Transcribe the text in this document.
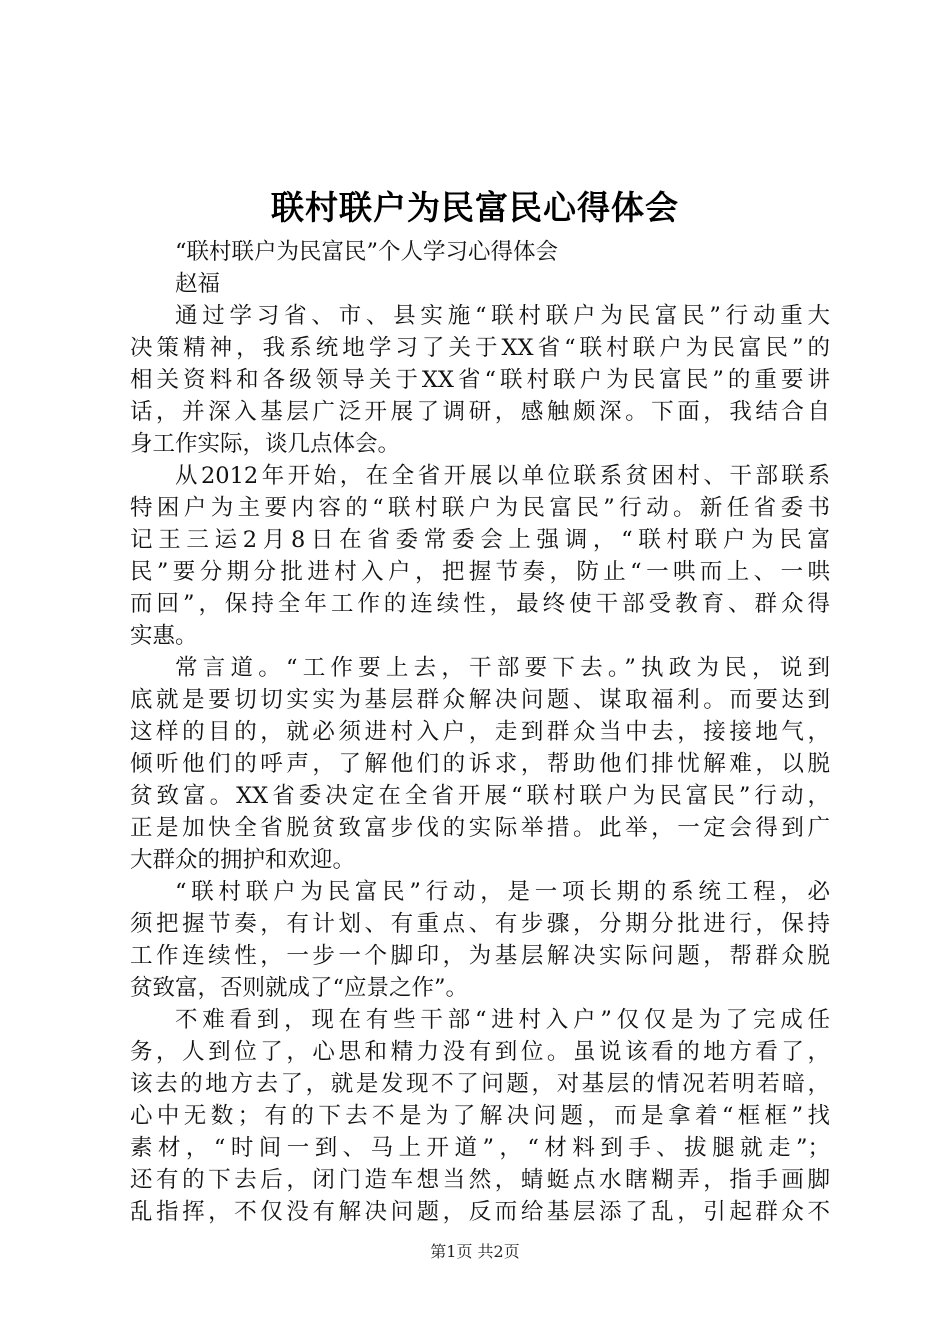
联村联户为民富民心得体会
“联村联户为民富民”个人学习心得体会
赵福
通过学习省、市、县实施“联村联户为民富民”行动重大
决策精神，我系统地学习了关于XX省“联村联户为民富民”的
相关资料和各级领导关于XX省“联村联户为民富民”的重要讲
话，并深入基层广泛开展了调研，感触颇深。下面，我结合自
身工作实际，谈几点体会。
从2012年开始，在全省开展以单位联系贫困村、干部联系
特困户为主要内容的“联村联户为民富民”行动。新任省委书
记王三运2月8日在省委常委会上强调，“联村联户为民富
民”要分期分批进村入户，把握节奏，防止“一哄而上、一哄
而回”，保持全年工作的连续性，最终使干部受教育、群众得
实惠。
常言道。“工作要上去，干部要下去。”执政为民，说到
底就是要切切实实为基层群众解决问题、谋取福利。而要达到
这样的目的，就必须进村入户，走到群众当中去，接接地气，
倾听他们的呼声，了解他们的诉求，帮助他们排忧解难，以脱
贫致富。XX省委决定在全省开展“联村联户为民富民”行动，
正是加快全省脱贫致富步伐的实际举措。此举，一定会得到广
大群众的拥护和欢迎。
“联村联户为民富民”行动，是一项长期的系统工程，必
须把握节奏，有计划、有重点、有步骤，分期分批进行，保持
工作连续性，一步一个脚印，为基层解决实际问题，帮群众脱
贫致富，否则就成了“应景之作”。
不难看到，现在有些干部“进村入户”仅仅是为了完成任
务，人到位了，心思和精力没有到位。虽说该看的地方看了，
该去的地方去了，就是发现不了问题，对基层的情况若明若暗，
心中无数；有的下去不是为了解决问题，而是拿着“框框”找
素材，“时间一到、马上开道”，“材料到手、拔腿就走”；
还有的下去后，闭门造车想当然，蜻蜓点水瞎糊弄，指手画脚
乱指挥，不仅没有解决问题，反而给基层添了乱，引起群众不
第1页 共2页
